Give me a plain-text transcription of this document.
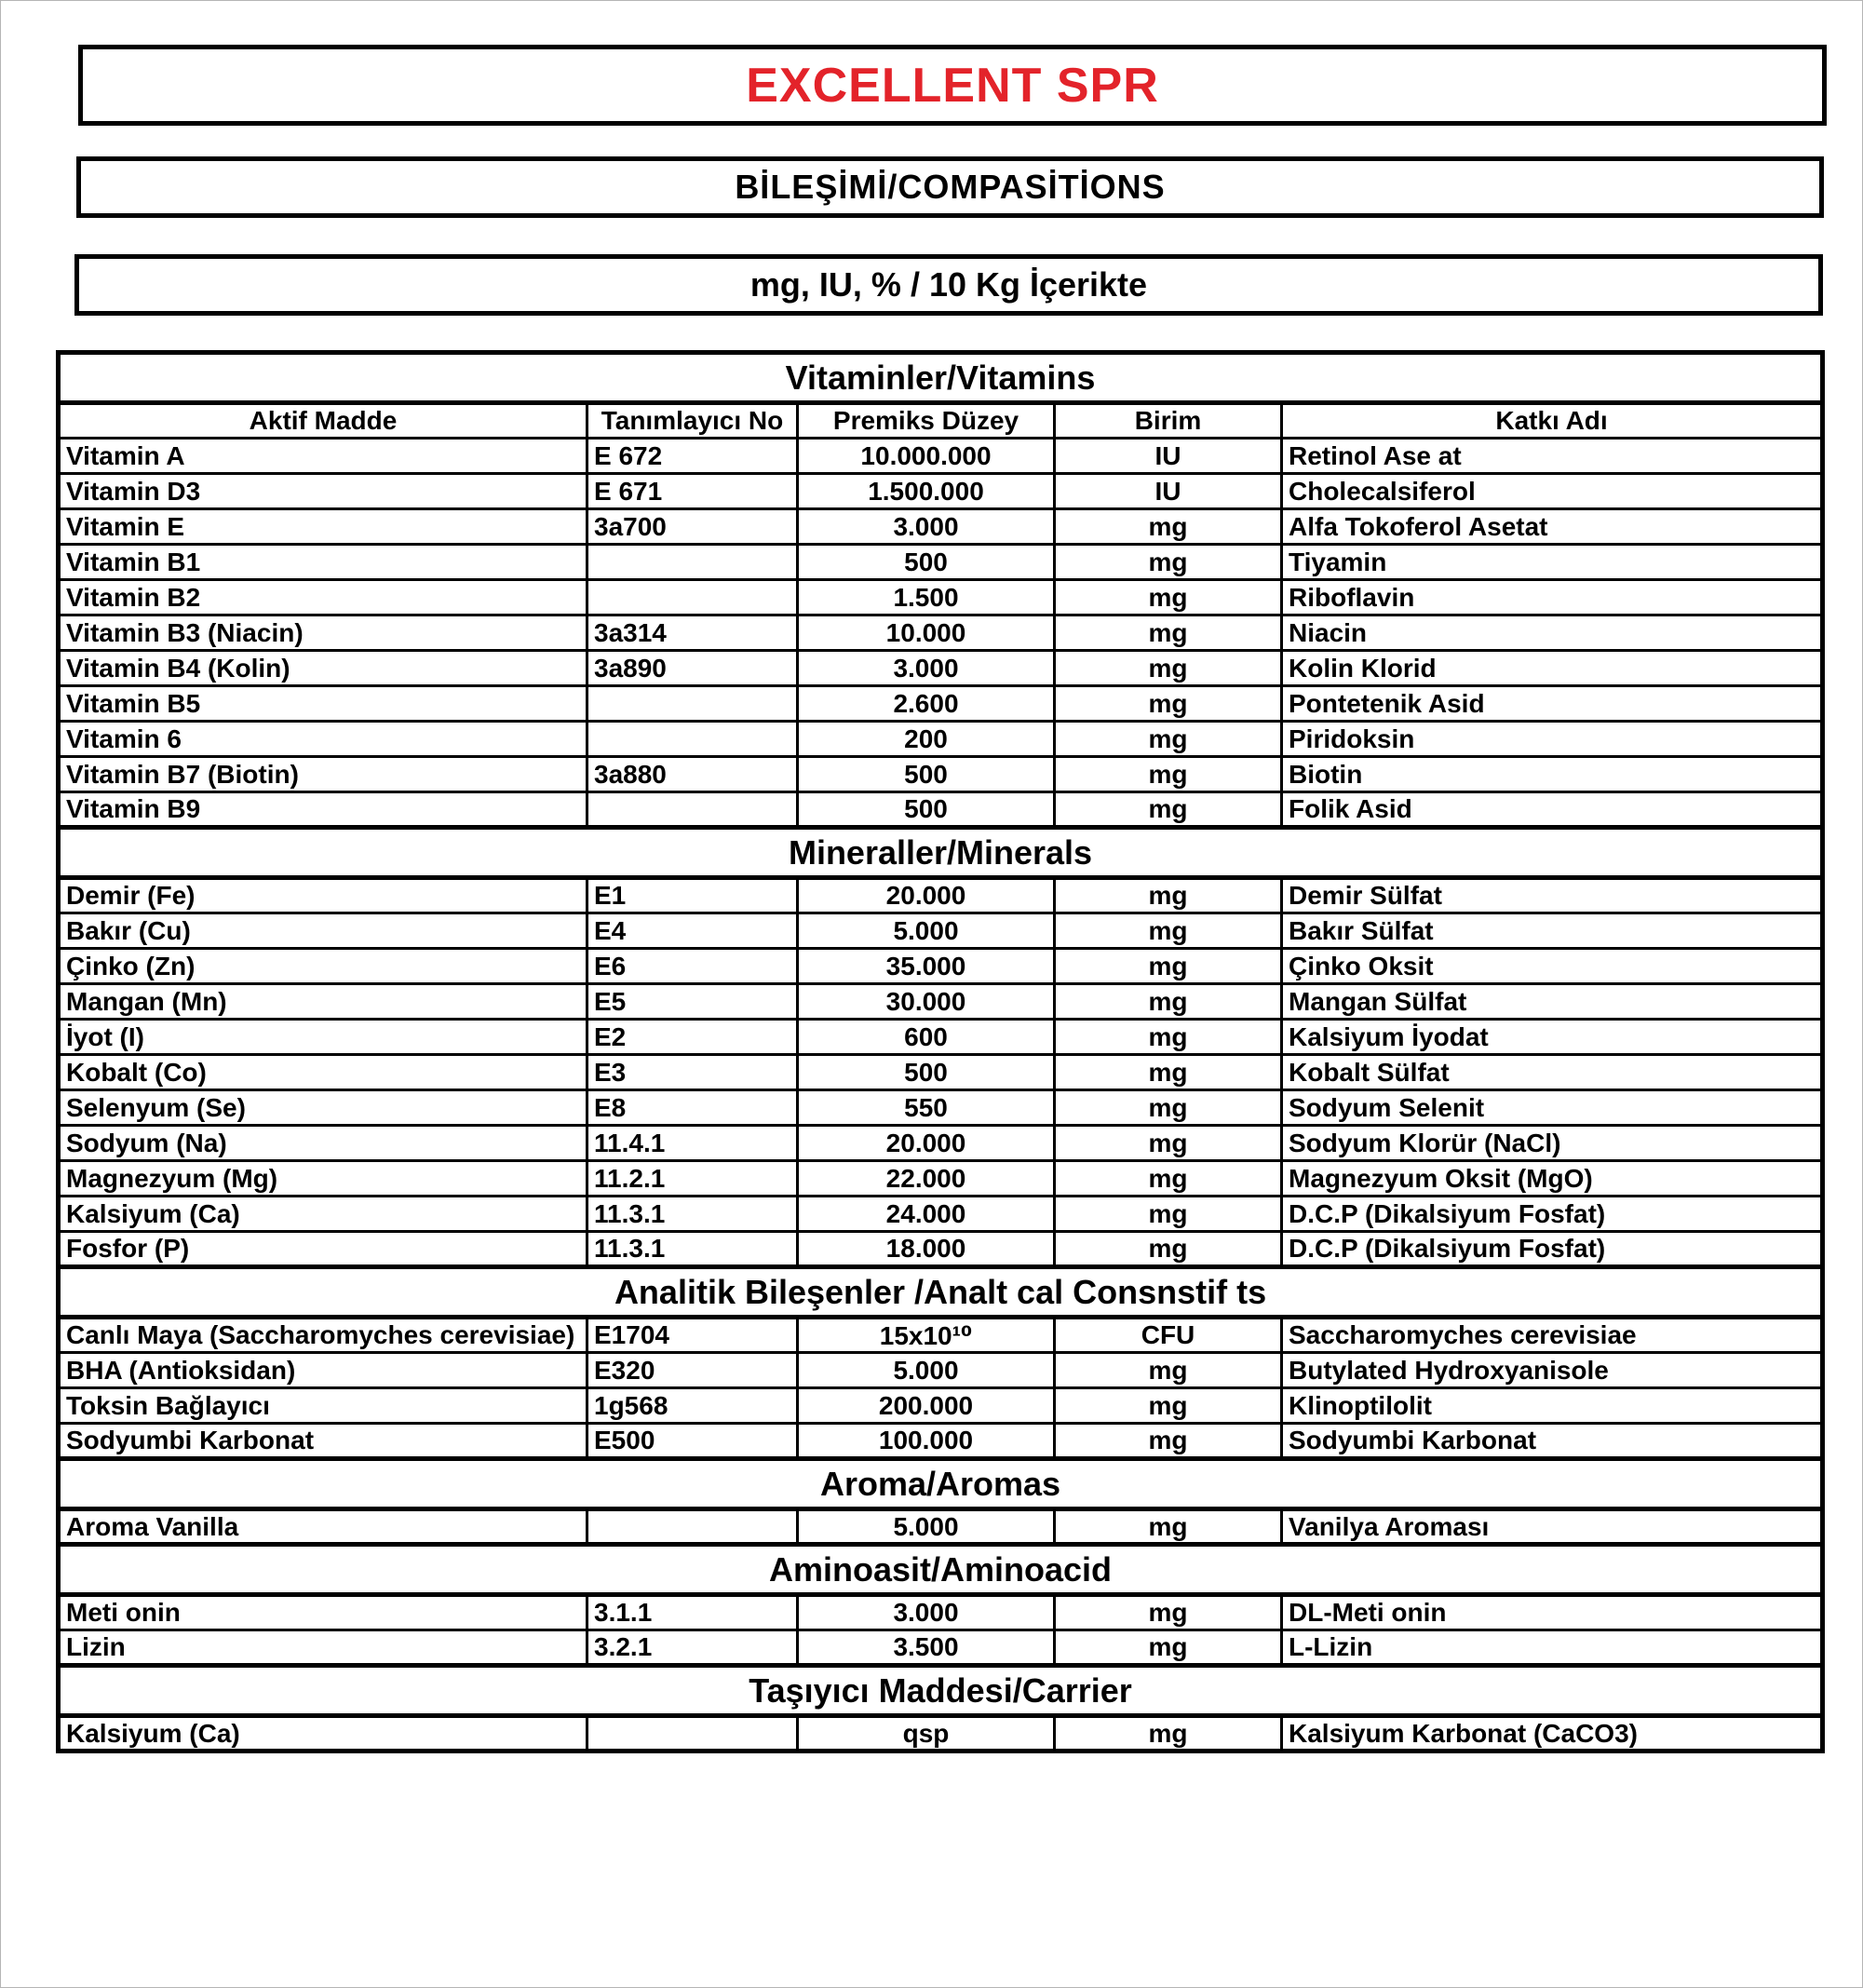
EXCELLENT SPR
BİLEŞİMİ/COMPASİTİONS
mg, IU, % / 10 Kg İçerikte
Vitaminler/Vitamins				
Aktif Madde	Tanımlayıcı No	Premiks Düzey	Birim	Katkı Adı
Vitamin A	E 672	10.000.000	IU	Retinol Ase at
Vitamin D3	E 671	1.500.000	IU	Cholecalsiferol
Vitamin E	3a700	3.000	mg	Alfa Tokoferol Asetat
Vitamin B1		500	mg	Tiyamin
Vitamin B2		1.500	mg	Riboflavin
Vitamin B3 (Niacin)	3a314	10.000	mg	Niacin
Vitamin B4 (Kolin)	3a890	3.000	mg	Kolin Klorid
Vitamin B5		2.600	mg	Pontetenik Asid
Vitamin 6		200	mg	Piridoksin
Vitamin B7 (Biotin)	3a880	500	mg	Biotin
Vitamin B9		500	mg	Folik Asid
Mineraller/Minerals				
Demir (Fe)	E1	20.000	mg	Demir Sülfat
Bakır (Cu)	E4	5.000	mg	Bakır Sülfat
Çinko (Zn)	E6	35.000	mg	Çinko Oksit
Mangan (Mn)	E5	30.000	mg	Mangan Sülfat
İyot (I)	E2	600	mg	Kalsiyum İyodat
Kobalt (Co)	E3	500	mg	Kobalt Sülfat
Selenyum (Se)	E8	550	mg	Sodyum Selenit
Sodyum (Na)	11.4.1	20.000	mg	Sodyum Klorür (NaCl)
Magnezyum (Mg)	11.2.1	22.000	mg	Magnezyum Oksit (MgO)
Kalsiyum (Ca)	11.3.1	24.000	mg	D.C.P (Dikalsiyum Fosfat)
Fosfor (P)	11.3.1	18.000	mg	D.C.P (Dikalsiyum Fosfat)
Analitik Bileşenler /Analt cal Consnstif ts				
Canlı Maya (Saccharomyches cerevisiae)	E1704	15x10¹⁰	CFU	Saccharomyches cerevisiae
BHA (Antioksidan)	E320	5.000	mg	Butylated Hydroxyanisole
Toksin Bağlayıcı	1g568	200.000	mg	Klinoptilolit
Sodyumbi Karbonat	E500	100.000	mg	Sodyumbi Karbonat
Aroma/Aromas				
Aroma Vanilla		5.000	mg	Vanilya Aroması
Aminoasit/Aminoacid				
Meti onin	3.1.1	3.000	mg	DL-Meti onin
Lizin	3.2.1	3.500	mg	L-Lizin
Taşıyıcı Maddesi/Carrier				
Kalsiyum (Ca)		qsp	mg	Kalsiyum Karbonat (CaCO3)
